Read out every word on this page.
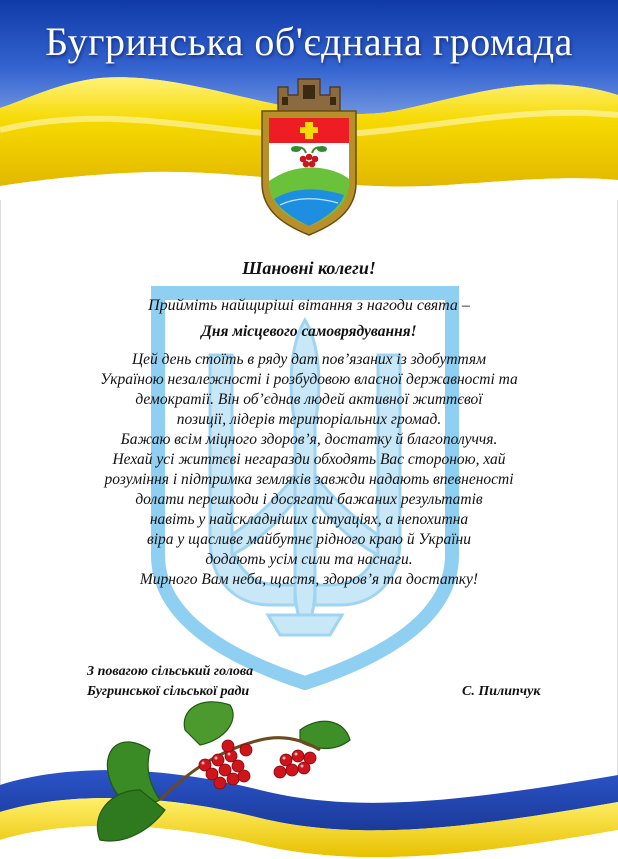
Бугринська об'єднана громада
Шановні колеги!
Прийміть найщиріші вітання з нагоди свята –
Дня місцевого самоврядування!
Цей день стоїть в ряду дат пов’язаних із здобуттям
Україною незалежності і розбудовою власної державності та
демократії. Він об’єднав людей активної життєвої
позиції, лідерів територіальних громад.
Бажаю всім міцного здоров’я, достатку й благополуччя.
Нехай усі життєві негаразди обходять Вас стороною, хай
розуміння і підтримка земляків завжди надають впевненості
долати перешкоди і досягати бажаних результатів
навіть у найскладніших ситуаціях, а непохитна
віра у щасливе майбутнє рідного краю й України
додають усім сили та наснаги.
Мирного Вам неба, щастя, здоров’я та достатку!
З повагою сільський голова
Бугринської сільської ради	С. Пилипчук
